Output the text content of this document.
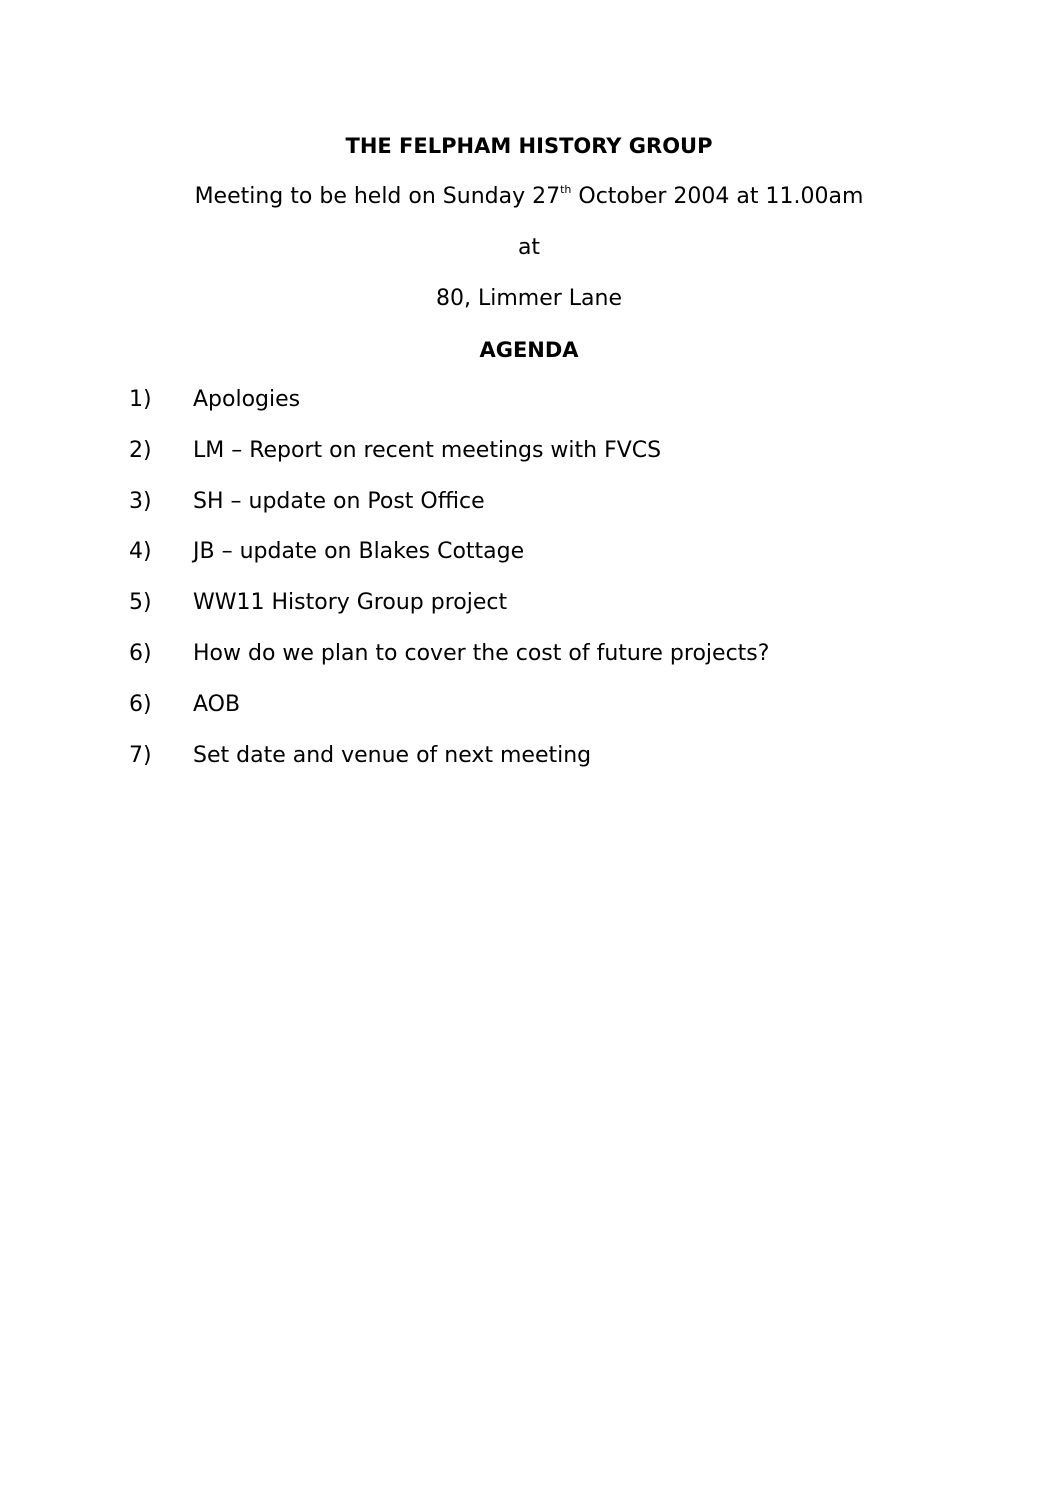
THE FELPHAM HISTORY GROUP
Meeting to be held on Sunday 27th October 2004 at 11.00am
at
80, Limmer Lane
AGENDA
1) Apologies
2) LM – Report on recent meetings with FVCS
3) SH – update on Post Office
4) JB – update on Blakes Cottage
5) WW11 History Group project
6) How do we plan to cover the cost of future projects?
6) AOB
7) Set date and venue of next meeting
